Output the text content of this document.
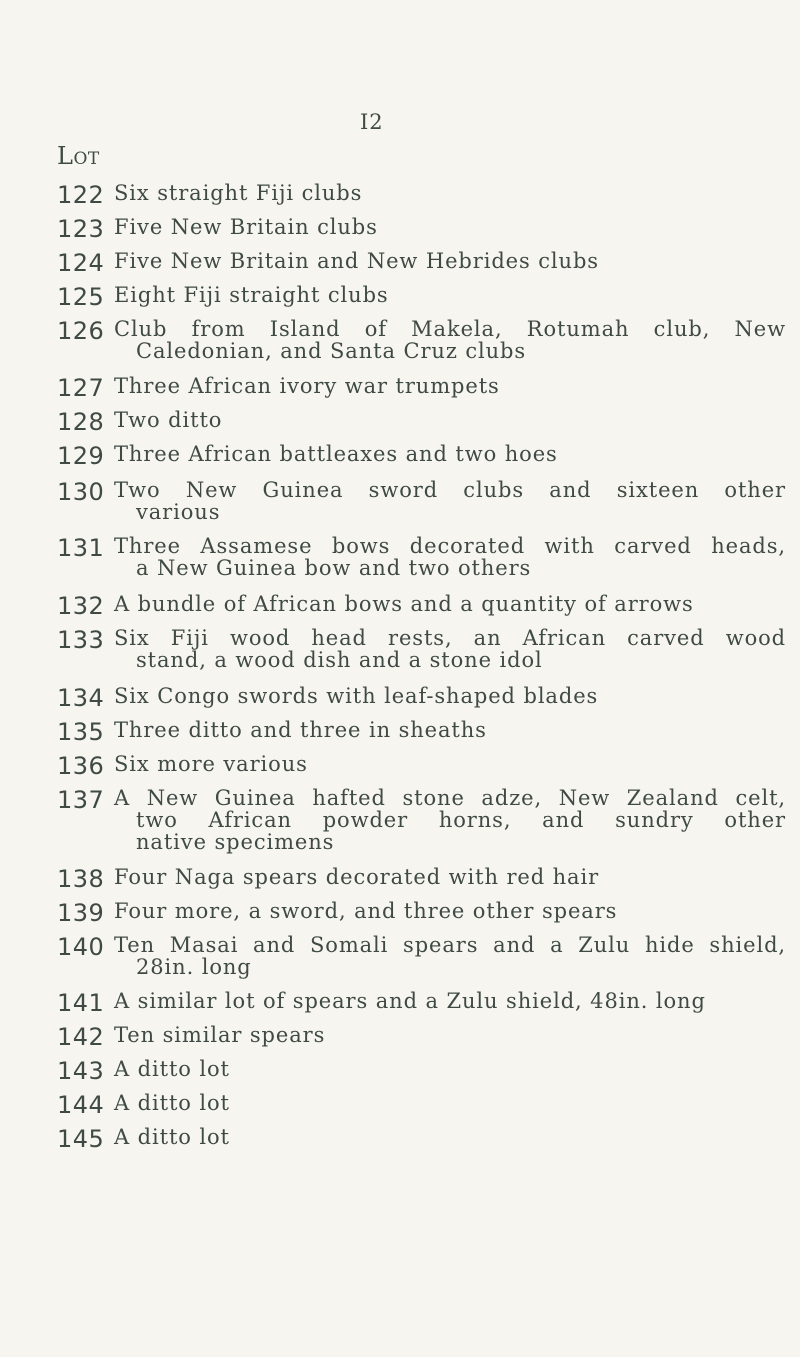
I2
Lot
122 Six straight Fiji clubs
123 Five New Britain clubs
124 Five New Britain and New Hebrides clubs
125 Eight Fiji straight clubs
126 Club from Island of Makela, Rotumah club, New
Caledonian, and Santa Cruz clubs
127 Three African ivory war trumpets
128 Two ditto
129 Three African battleaxes and two hoes
130 Two New Guinea sword clubs and sixteen other
various
131 Three Assamese bows decorated with carved heads,
a New Guinea bow and two others
132 A bundle of African bows and a quantity of arrows
133 Six Fiji wood head rests, an African carved wood
stand, a wood dish and a stone idol
134 Six Congo swords with leaf-shaped blades
135 Three ditto and three in sheaths
136 Six more various
137 A New Guinea hafted stone adze, New Zealand celt,
two African powder horns, and sundry other
native specimens
138 Four Naga spears decorated with red hair
139 Four more, a sword, and three other spears
140 Ten Masai and Somali spears and a Zulu hide shield,
28in. long
141 A similar lot of spears and a Zulu shield, 48in. long
142 Ten similar spears
143 A ditto lot
144 A ditto lot
145 A ditto lot
